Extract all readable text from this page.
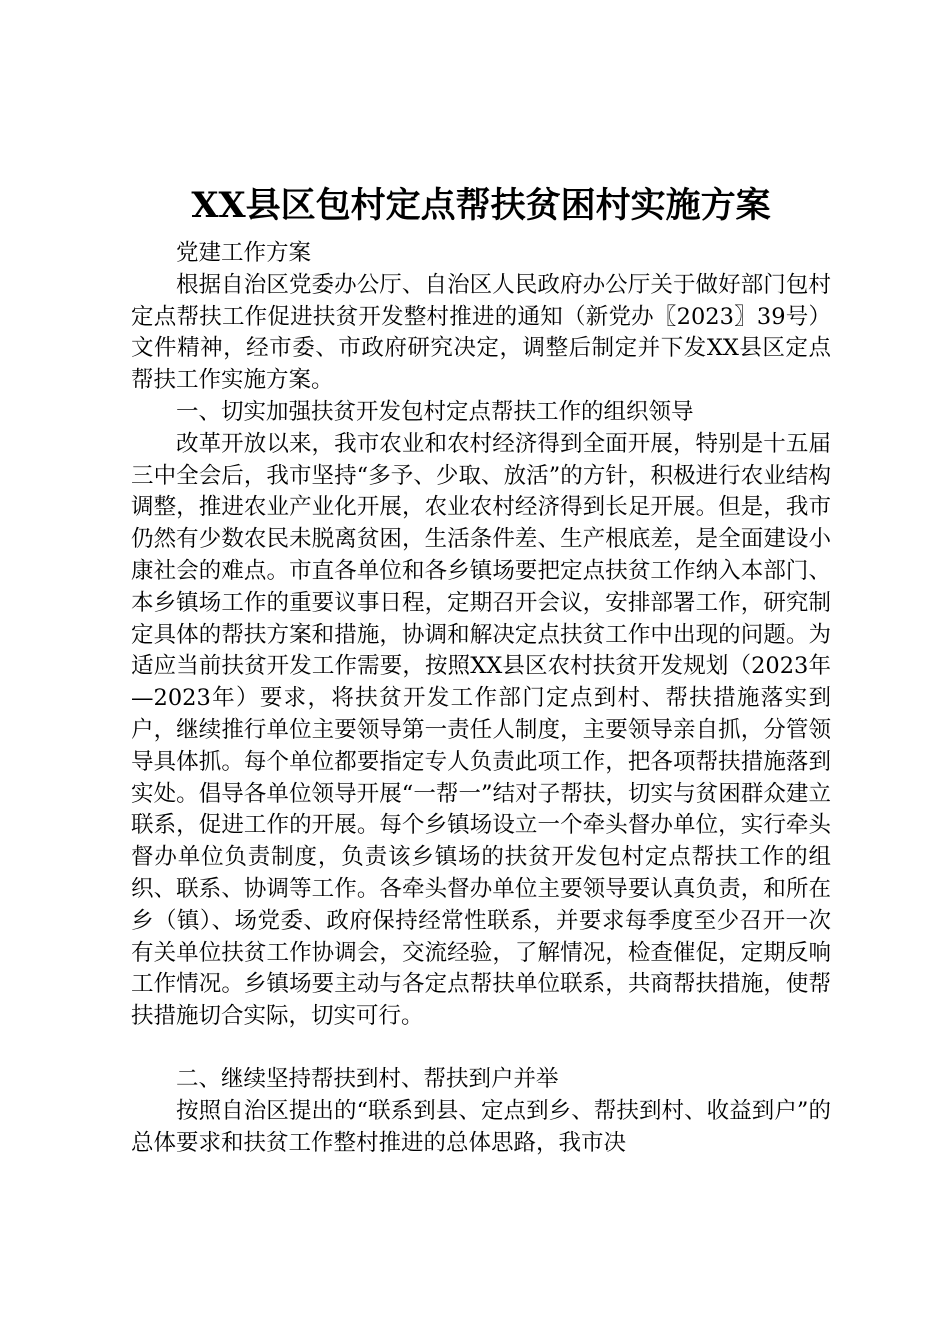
XX县区包村定点帮扶贫困村实施方案

党建工作方案

根据自治区党委办公厅、自治区人民政府办公厅关于做好部门包村定点帮扶工作促进扶贫开发整村推进的通知（新党办〖2023〗39号）文件精神，经市委、市政府研究决定，调整后制定并下发XX县区定点帮扶工作实施方案。

一、切实加强扶贫开发包村定点帮扶工作的组织领导

改革开放以来，我市农业和农村经济得到全面开展，特别是十五届三中全会后，我市坚持“多予、少取、放活”的方针，积极进行农业结构调整，推进农业产业化开展，农业农村经济得到长足开展。但是，我市仍然有少数农民未脱离贫困，生活条件差、生产根底差，是全面建设小康社会的难点。市直各单位和各乡镇场要把定点扶贫工作纳入本部门、本乡镇场工作的重要议事日程，定期召开会议，安排部署工作，研究制定具体的帮扶方案和措施，协调和解决定点扶贫工作中出现的问题。为适应当前扶贫开发工作需要，按照XX县区农村扶贫开发规划（2023年—2023年）要求，将扶贫开发工作部门定点到村、帮扶措施落实到户，继续推行单位主要领导第一责任人制度，主要领导亲自抓，分管领导具体抓。每个单位都要指定专人负责此项工作，把各项帮扶措施落到实处。倡导各单位领导开展“一帮一”结对子帮扶，切实与贫困群众建立联系，促进工作的开展。每个乡镇场设立一个牵头督办单位，实行牵头督办单位负责制度，负责该乡镇场的扶贫开发包村定点帮扶工作的组织、联系、协调等工作。各牵头督办单位主要领导要认真负责，和所在乡（镇）、场党委、政府保持经常性联系，并要求每季度至少召开一次有关单位扶贫工作协调会，交流经验，了解情况，检查催促，定期反响工作情况。乡镇场要主动与各定点帮扶单位联系，共商帮扶措施，使帮扶措施切合实际，切实可行。

二、继续坚持帮扶到村、帮扶到户并举

按照自治区提出的“联系到县、定点到乡、帮扶到村、收益到户”的总体要求和扶贫工作整村推进的总体思路，我市决
